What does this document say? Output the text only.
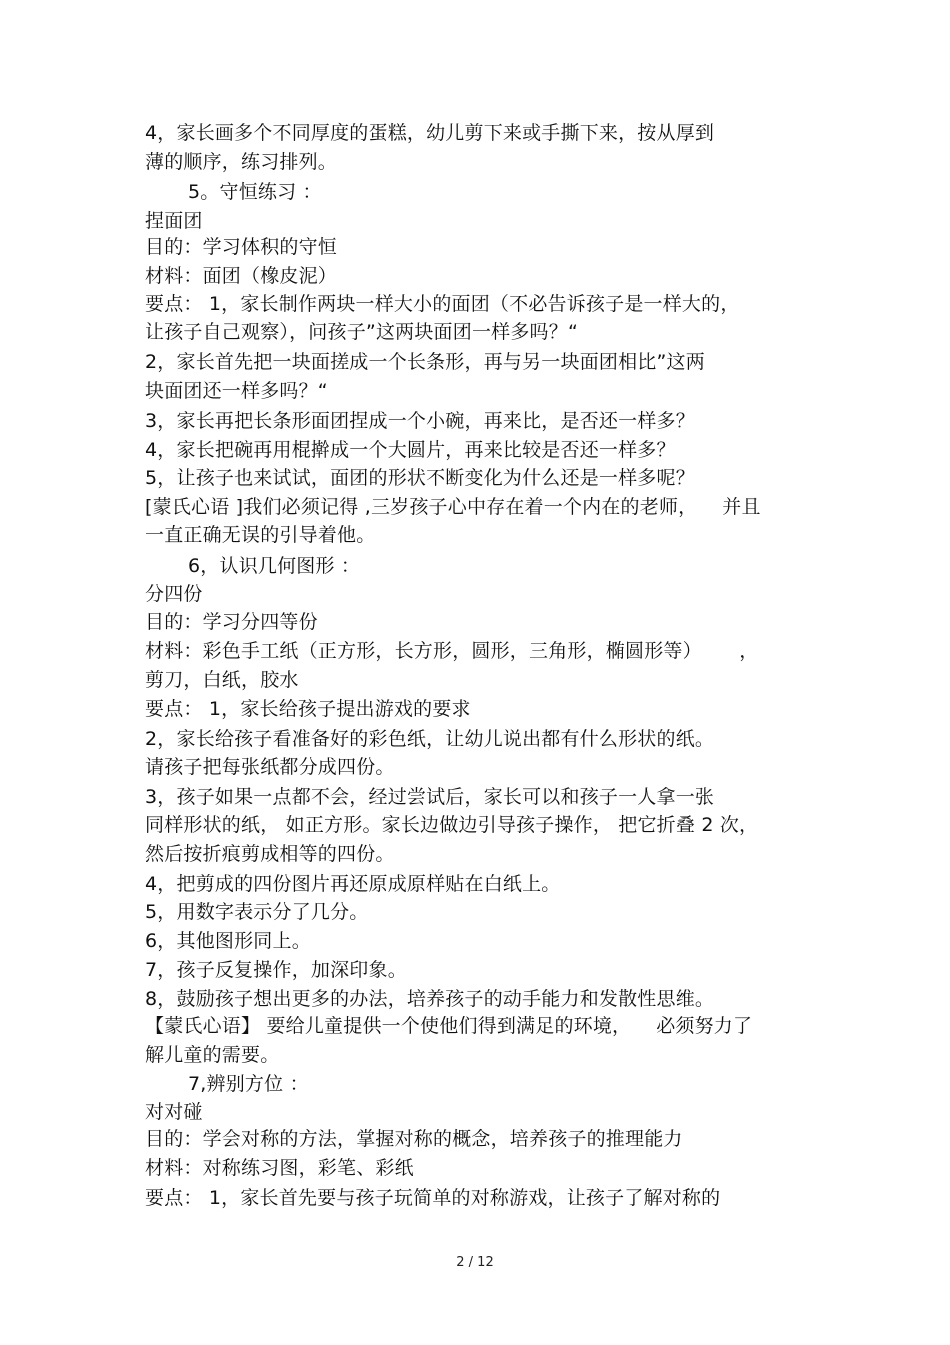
4，家长画多个不同厚度的蛋糕，幼儿剪下来或手撕下来，按从厚到
薄的顺序，练习排列。
5。守恒练习 ：
捏面团
目的：学习体积的守恒
材料：面团（橡皮泥）
要点： 1，家长制作两块一样大小的面团（不必告诉孩子是一样大的，
让孩子自己观察），问孩子”这两块面团一样多吗？“
2，家长首先把一块面搓成一个长条形，再与另一块面团相比”这两
块面团还一样多吗？“
3，家长再把长条形面团捏成一个小碗，再来比，是否还一样多？
4，家长把碗再用棍擀成一个大圆片，再来比较是否还一样多？
5，让孩子也来试试，面团的形状不断变化为什么还是一样多呢？
[蒙氏心语 ]我们必须记得 ,三岁孩子心中存在着一个内在的老师，    并且
一直正确无误的引导着他。
6，认识几何图形 ：
分四份
目的：学习分四等份
材料：彩色手工纸（正方形，长方形，圆形，三角形，椭圆形等）      ，
剪刀，白纸，胶水
要点： 1，家长给孩子提出游戏的要求
2，家长给孩子看准备好的彩色纸，让幼儿说出都有什么形状的纸。
请孩子把每张纸都分成四份。
3，孩子如果一点都不会，经过尝试后，家长可以和孩子一人拿一张
同样形状的纸， 如正方形。家长边做边引导孩子操作， 把它折叠 2 次，
然后按折痕剪成相等的四份。
4，把剪成的四份图片再还原成原样贴在白纸上。
5，用数字表示分了几分。
6，其他图形同上。
7，孩子反复操作，加深印象。
8，鼓励孩子想出更多的办法，培养孩子的动手能力和发散性思维。
【蒙氏心语】 要给儿童提供一个使他们得到满足的环境，    必须努力了
解儿童的需要。
7,辨别方位 ：
对对碰
目的：学会对称的方法，掌握对称的概念，培养孩子的推理能力
材料：对称练习图，彩笔、彩纸
要点： 1，家长首先要与孩子玩简单的对称游戏，让孩子了解对称的
2 / 12
